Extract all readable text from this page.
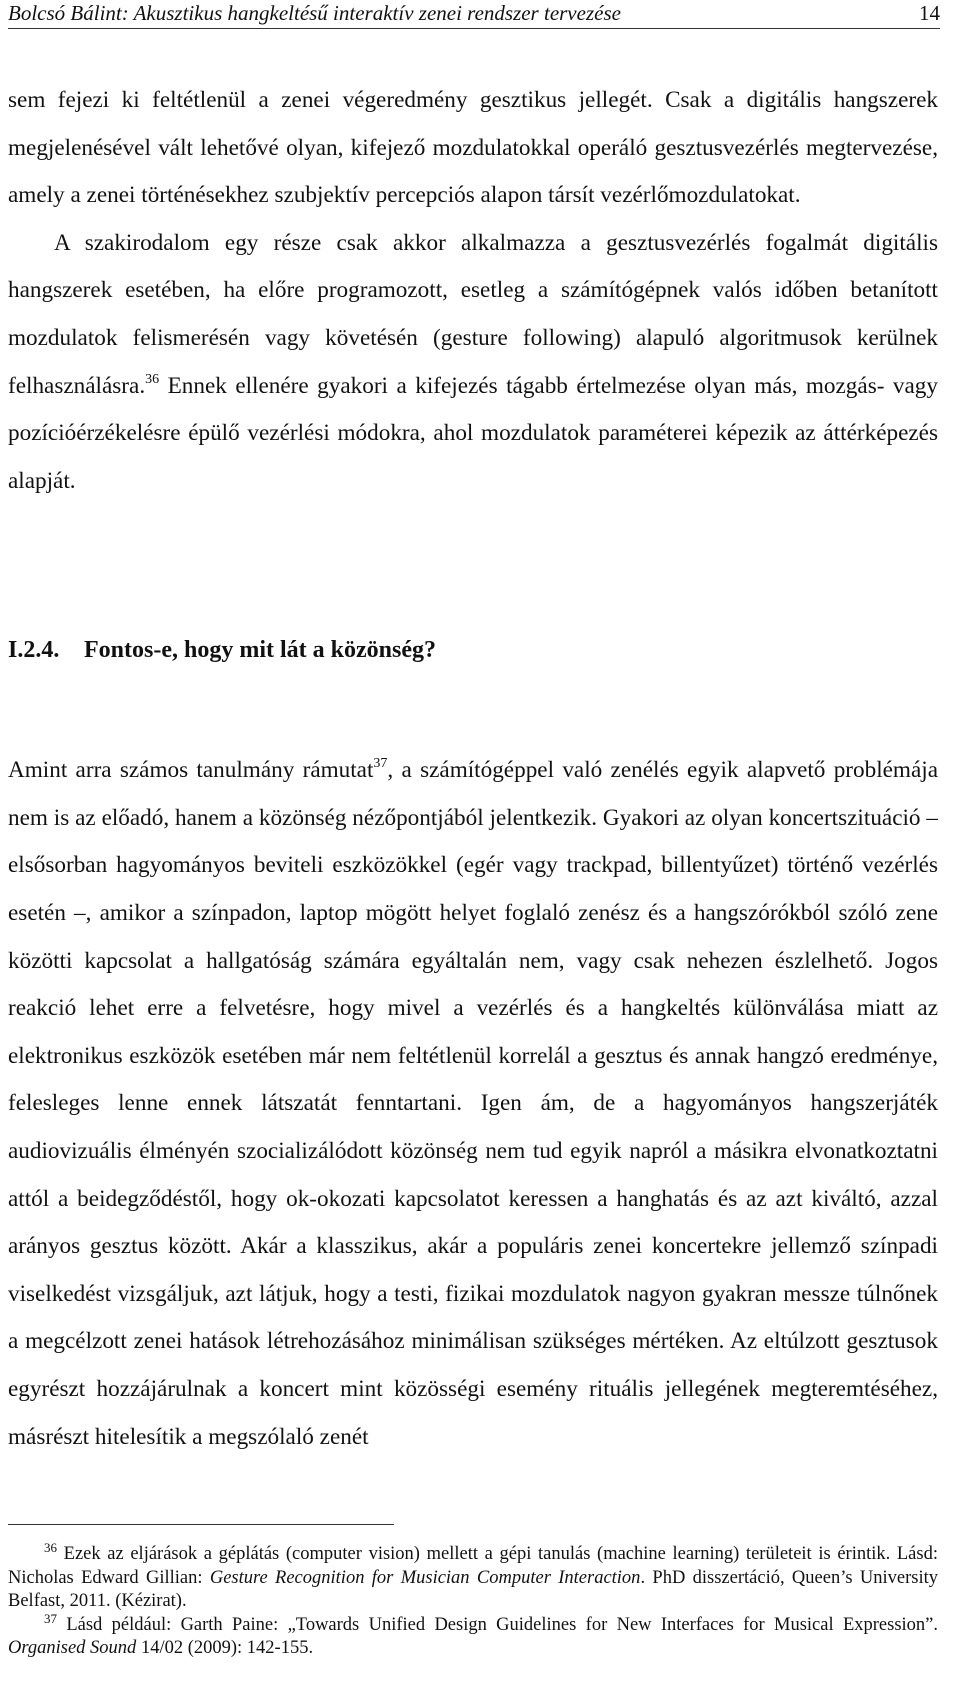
Bolcsó Bálint: Akusztikus hangkeltésű interaktív zenei rendszer tervezése	14

sem fejezi ki feltétlenül a zenei végeredmény gesztikus jellegét. Csak a digitális hangszerek megjelenésével vált lehetővé olyan, kifejező mozdulatokkal operáló gesztusvezérlés megtervezése, amely a zenei történésekhez szubjektív percepciós alapon társít vezérlőmozdulatokat.

A szakirodalom egy része csak akkor alkalmazza a gesztusvezérlés fogalmát digitális hangszerek esetében, ha előre programozott, esetleg a számítógépnek valós időben betanított mozdulatok felismerésén vagy követésén (gesture following) alapuló algoritmusok kerülnek felhasználásra.$^{36}$ Ennek ellenére gyakori a kifejezés tágabb értelmezése olyan más, mozgás- vagy pozícióérzékelésre épülő vezérlési módokra, ahol mozdulatok paraméterei képezik az áttérképezés alapját.

I.2.4. Fontos-e, hogy mit lát a közönség?

Amint arra számos tanulmány rámutat$^{37}$, a számítógéppel való zenélés egyik alapvető problémája nem is az előadó, hanem a közönség nézőpontjából jelentkezik. Gyakori az olyan koncertszituáció – elsősorban hagyományos beviteli eszközökkel (egér vagy trackpad, billentyűzet) történő vezérlés esetén –, amikor a színpadon, laptop mögött helyet foglaló zenész és a hangszórókból szóló zene közötti kapcsolat a hallgatóság számára egyáltalán nem, vagy csak nehezen észlelhető. Jogos reakció lehet erre a felvetésre, hogy mivel a vezérlés és a hangkeltés különválása miatt az elektronikus eszközök esetében már nem feltétlenül korrelál a gesztus és annak hangzó eredménye, felesleges lenne ennek látszatát fenntartani. Igen ám, de a hagyományos hangszerjáték audiovizuális élményén szocializálódott közönség nem tud egyik napról a másikra elvonatkoztatni attól a beidegződéstől, hogy ok-okozati kapcsolatot keressen a hanghatás és az azt kiváltó, azzal arányos gesztus között. Akár a klasszikus, akár a populáris zenei koncertekre jellemző színpadi viselkedést vizsgáljuk, azt látjuk, hogy a testi, fizikai mozdulatok nagyon gyakran messze túlnőnek a megcélzott zenei hatások létrehozásához minimálisan szükséges mértéken. Az eltúlzott gesztusok egyrészt hozzájárulnak a koncert mint közösségi esemény rituális jellegének megteremtéséhez, másrészt hitelesítik a megszólaló zenét

$^{36}$ Ezek az eljárások a géplátás (computer vision) mellett a gépi tanulás (machine learning) területeit is érintik. Lásd: Nicholas Edward Gillian: Gesture Recognition for Musician Computer Interaction. PhD disszertáció, Queen’s University Belfast, 2011. (Kézirat).

$^{37}$ Lásd például: Garth Paine: „Towards Unified Design Guidelines for New Interfaces for Musical Expression”. Organised Sound 14/02 (2009): 142-155.
